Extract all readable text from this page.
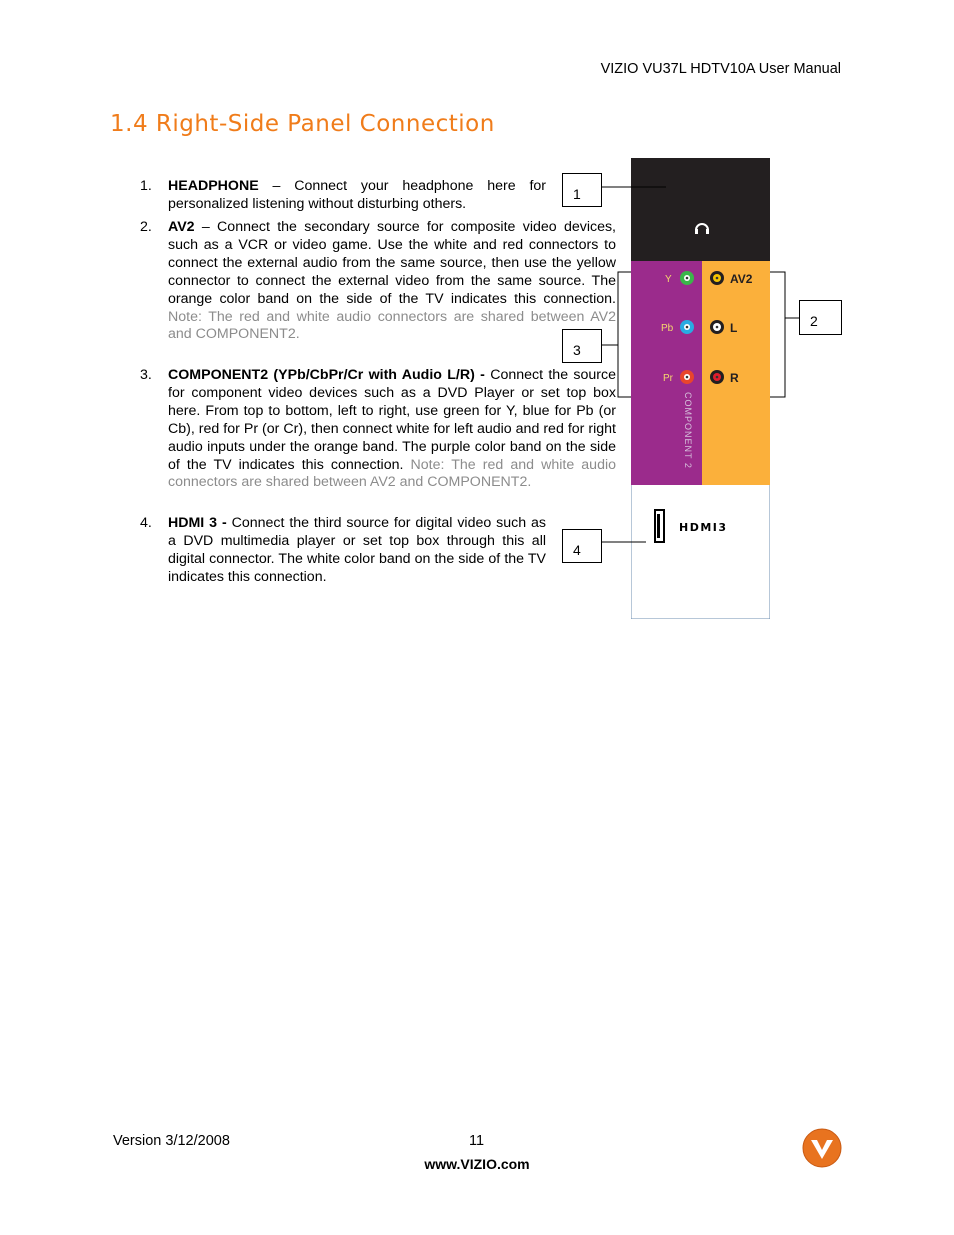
VIZIO VU37L HDTV10A User Manual
1.4 Right-Side Panel Connection
1. HEADPHONE – Connect your headphone here for personalized listening without disturbing others.
2. AV2 – Connect the secondary source for composite video devices, such as a VCR or video game. Use the white and red connectors to connect the external audio from the same source, then use the yellow connector to connect the external video from the same source. The orange color band on the side of the TV indicates this connection. Note: The red and white audio connectors are shared between AV2 and COMPONENT2.
3. COMPONENT2 (YPb/CbPr/Cr with Audio L/R) - Connect the source for component video devices such as a DVD Player or set top box here. From top to bottom, left to right, use green for Y, blue for Pb (or Cb), red for Pr (or Cr), then connect white for left audio and red for right audio inputs under the orange band. The purple color band on the side of the TV indicates this connection. Note: The red and white audio connectors are shared between AV2 and COMPONENT2.
4. HDMI 3 - Connect the third source for digital video such as a DVD multimedia player or set top box through this all digital connector. The white color band on the side of the TV indicates this connection.
Y
Pb
Pr
AV2
L
R
COMPONENT 2
HDMI3
1
2
3
4
Version 3/12/2008	11
www.VIZIO.com
